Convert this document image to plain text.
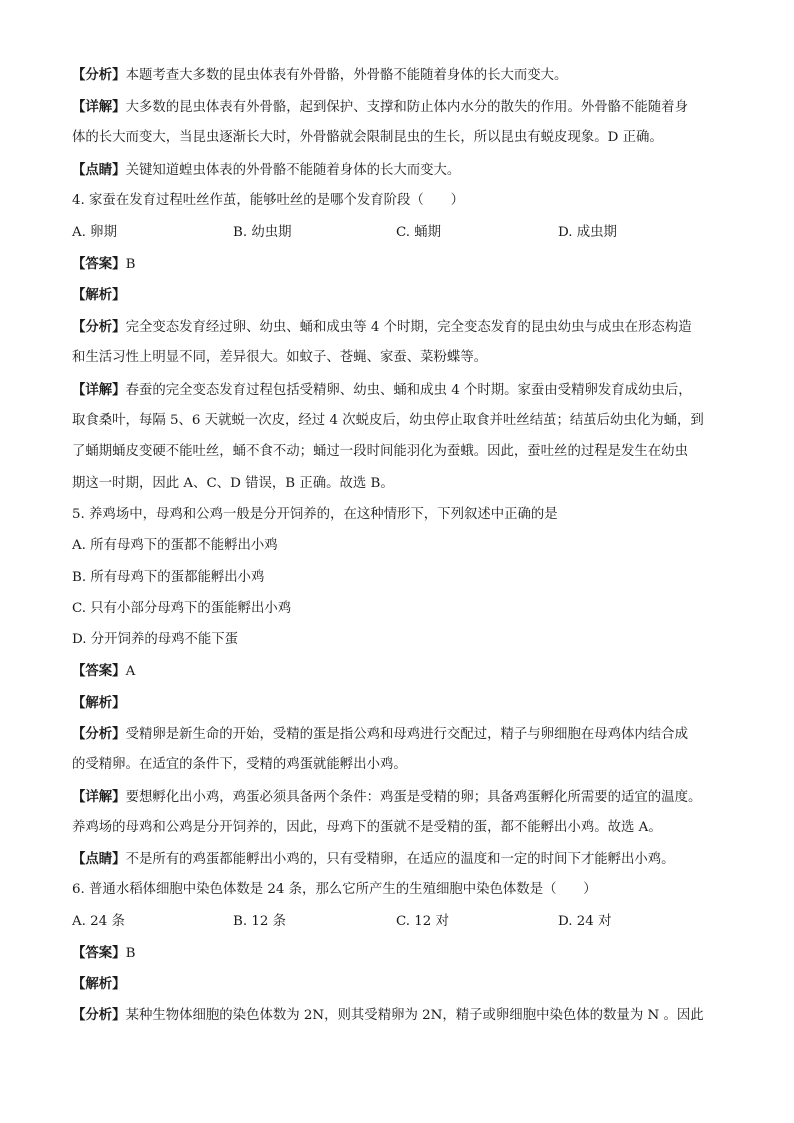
【分析】本题考查大多数的昆虫体表有外骨骼，外骨骼不能随着身体的长大而变大。
【详解】大多数的昆虫体表有外骨骼，起到保护、支撑和防止体内水分的散失的作用。外骨骼不能随着身
体的长大而变大，当昆虫逐渐长大时，外骨骼就会限制昆虫的生长，所以昆虫有蜕皮现象。D 正确。
【点睛】关键知道蝗虫体表的外骨骼不能随着身体的长大而变大。
4. 家蚕在发育过程吐丝作茧，能够吐丝的是哪个发育阶段（　　）
A. 卵期	B. 幼虫期	C. 蛹期	D. 成虫期
【答案】B
【解析】
【分析】完全变态发育经过卵、幼虫、蛹和成虫等 4 个时期，完全变态发育的昆虫幼虫与成虫在形态构造
和生活习性上明显不同，差异很大。如蚊子、苍蝇、家蚕、菜粉蝶等。
【详解】春蚕的完全变态发育过程包括受精卵、幼虫、蛹和成虫 4 个时期。家蚕由受精卵发育成幼虫后，
取食桑叶，每隔 5、6 天就蜕一次皮，经过 4 次蜕皮后，幼虫停止取食并吐丝结茧；结茧后幼虫化为蛹，到
了蛹期蛹皮变硬不能吐丝，蛹不食不动；蛹过一段时间能羽化为蚕蛾。因此，蚕吐丝的过程是发生在幼虫
期这一时期，因此 A、C、D 错误，B 正确。故选 B。
5. 养鸡场中，母鸡和公鸡一般是分开饲养的，在这种情形下，下列叙述中正确的是
A. 所有母鸡下的蛋都不能孵出小鸡
B. 所有母鸡下的蛋都能孵出小鸡
C. 只有小部分母鸡下的蛋能孵出小鸡
D. 分开饲养的母鸡不能下蛋
【答案】A
【解析】
【分析】受精卵是新生命的开始，受精的蛋是指公鸡和母鸡进行交配过，精子与卵细胞在母鸡体内结合成
的受精卵。在适宜的条件下，受精的鸡蛋就能孵出小鸡。
【详解】要想孵化出小鸡，鸡蛋必须具备两个条件：鸡蛋是受精的卵；具备鸡蛋孵化所需要的适宜的温度。
养鸡场的母鸡和公鸡是分开饲养的，因此，母鸡下的蛋就不是受精的蛋，都不能孵出小鸡。故选 A。
【点睛】不是所有的鸡蛋都能孵出小鸡的，只有受精卵，在适应的温度和一定的时间下才能孵出小鸡。
6. 普通水稻体细胞中染色体数是 24 条，那么它所产生的生殖细胞中染色体数是（　　）
A. 24 条	B. 12 条	C. 12 对	D. 24 对
【答案】B
【解析】
【分析】某种生物体细胞的染色体数为 2N，则其受精卵为 2N，精子或卵细胞中染色体的数量为 N 。因此
